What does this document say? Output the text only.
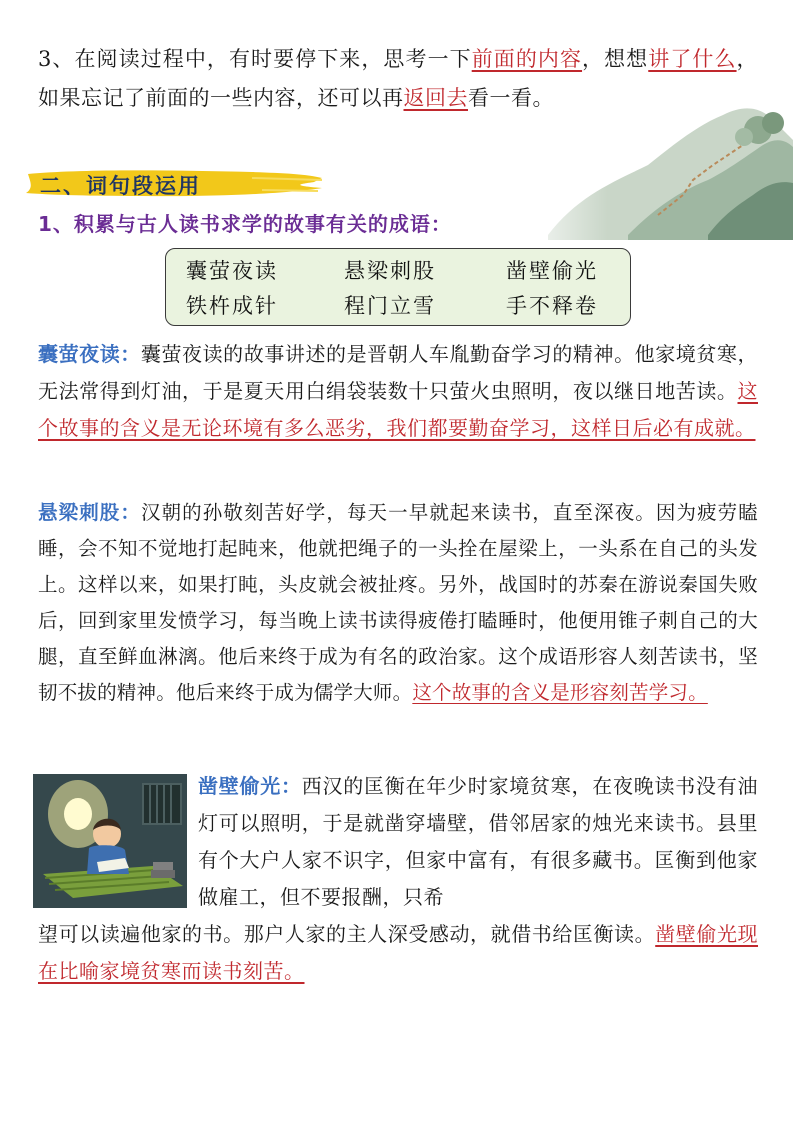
3、在阅读过程中，有时要停下来，思考一下前面的内容，想想讲了什么，如果忘记了前面的一些内容，还可以再返回去看一看。
二、词句段运用
1、积累与古人读书求学的故事有关的成语：
囊萤夜读	悬梁刺股	凿壁偷光
铁杵成针	程门立雪	手不释卷
囊萤夜读：囊萤夜读的故事讲述的是晋朝人车胤勤奋学习的精神。他家境贫寒，无法常得到灯油，于是夏天用白绢袋装数十只萤火虫照明，夜以继日地苦读。这个故事的含义是无论环境有多么恶劣，我们都要勤奋学习，这样日后必有成就。
悬梁刺股：汉朝的孙敬刻苦好学，每天一早就起来读书，直至深夜。因为疲劳瞌睡，会不知不觉地打起盹来，他就把绳子的一头拴在屋梁上，一头系在自己的头发上。这样以来，如果打盹，头皮就会被扯疼。另外，战国时的苏秦在游说秦国失败后，回到家里发愤学习，每当晚上读书读得疲倦打瞌睡时，他便用锥子刺自己的大腿，直至鲜血淋漓。他后来终于成为有名的政治家。这个成语形容人刻苦读书，坚韧不拔的精神。他后来终于成为儒学大师。这个故事的含义是形容刻苦学习。
凿壁偷光：西汉的匡衡在年少时家境贫寒，在夜晚读书没有油灯可以照明，于是就凿穿墙壁，借邻居家的烛光来读书。县里有个大户人家不识字，但家中富有，有很多藏书。匡衡到他家做雇工，但不要报酬，只希
望可以读遍他家的书。那户人家的主人深受感动，就借书给匡衡读。凿壁偷光现在比喻家境贫寒而读书刻苦。
